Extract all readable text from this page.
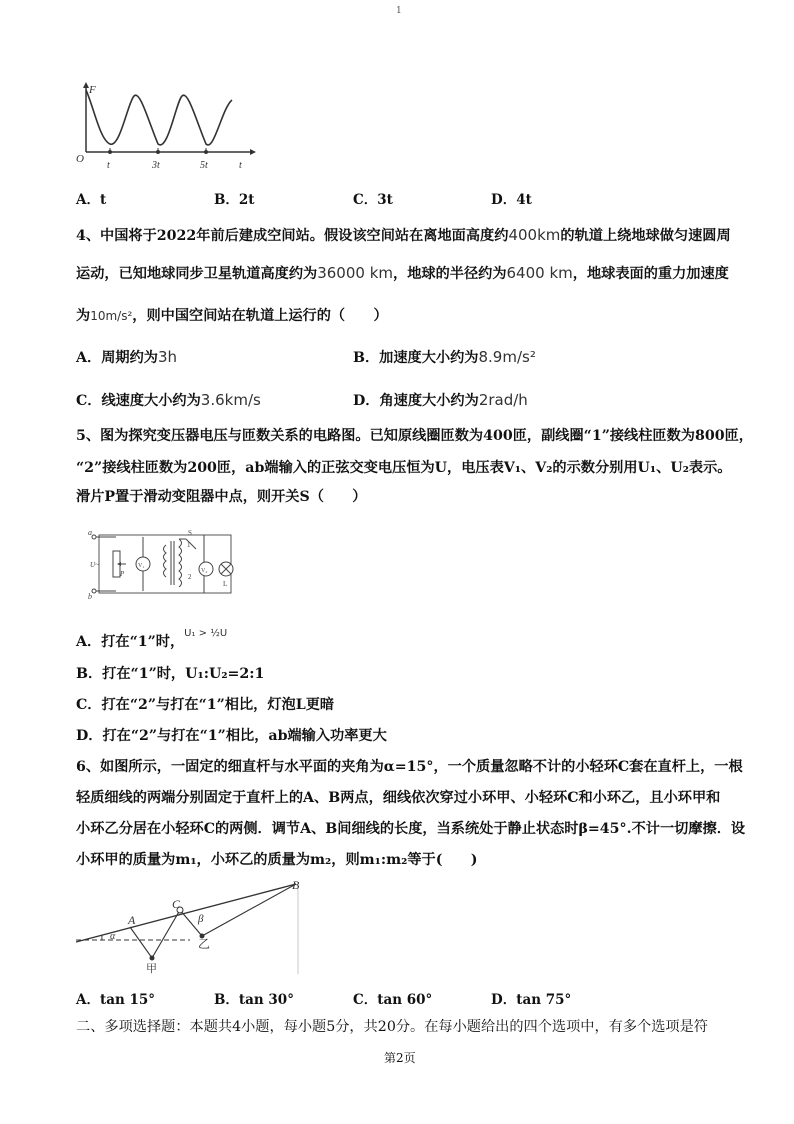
1
F
O
t	3t	5t	t
A．t	B．2t	C．3t	D．4t
4、中国将于2022年前后建成空间站。假设该空间站在离地面高度约400km的轨道上绕地球做匀速圆周
运动，已知地球同步卫星轨道高度约为36000 km，地球的半径约为6400 km，地球表面的重力加速度
为10m/s²，则中国空间站在轨道上运行的（　　）
A．周期约为3h	B．加速度大小约为8.9m/s²
C．线速度大小约为3.6km/s	D．角速度大小约为2rad/h
5、图为探究变压器电压与匝数关系的电路图。已知原线圈匝数为400匝，副线圈“1”接线柱匝数为800匝，
“2”接线柱匝数为200匝，ab端输入的正弦交变电压恒为U，电压表V₁、V₂的示数分别用U₁、U₂表示。
滑片P置于滑动变阻器中点，则开关S（　　）
a
b
U~
P
V₁
V₂
S
1
2
L
A．打在“1”时，$^{U_1 > \frac{1}{2}U}$
B．打在“1”时，U₁:U₂=2:1
C．打在“2”与打在“1”相比，灯泡L更暗
D．打在“2”与打在“1”相比，ab端输入功率更大
6、如图所示，一固定的细直杆与水平面的夹角为α=15°，一个质量忽略不计的小轻环C套在直杆上，一根
轻质细线的两端分别固定于直杆上的A、B两点，细线依次穿过小环甲、小轻环C和小环乙，且小环甲和
小环乙分居在小轻环C的两侧．调节A、B间细线的长度，当系统处于静止状态时β=45°.不计一切摩擦．设
小环甲的质量为m₁，小环乙的质量为m₂，则m₁:m₂等于(　　)
A
B
C
α
β
甲
乙
A．tan 15°	B．tan 30°	C．tan 60°	D．tan 75°
二、多项选择题：本题共4小题，每小题5分，共20分。在每小题给出的四个选项中，有多个选项是符
第2页
